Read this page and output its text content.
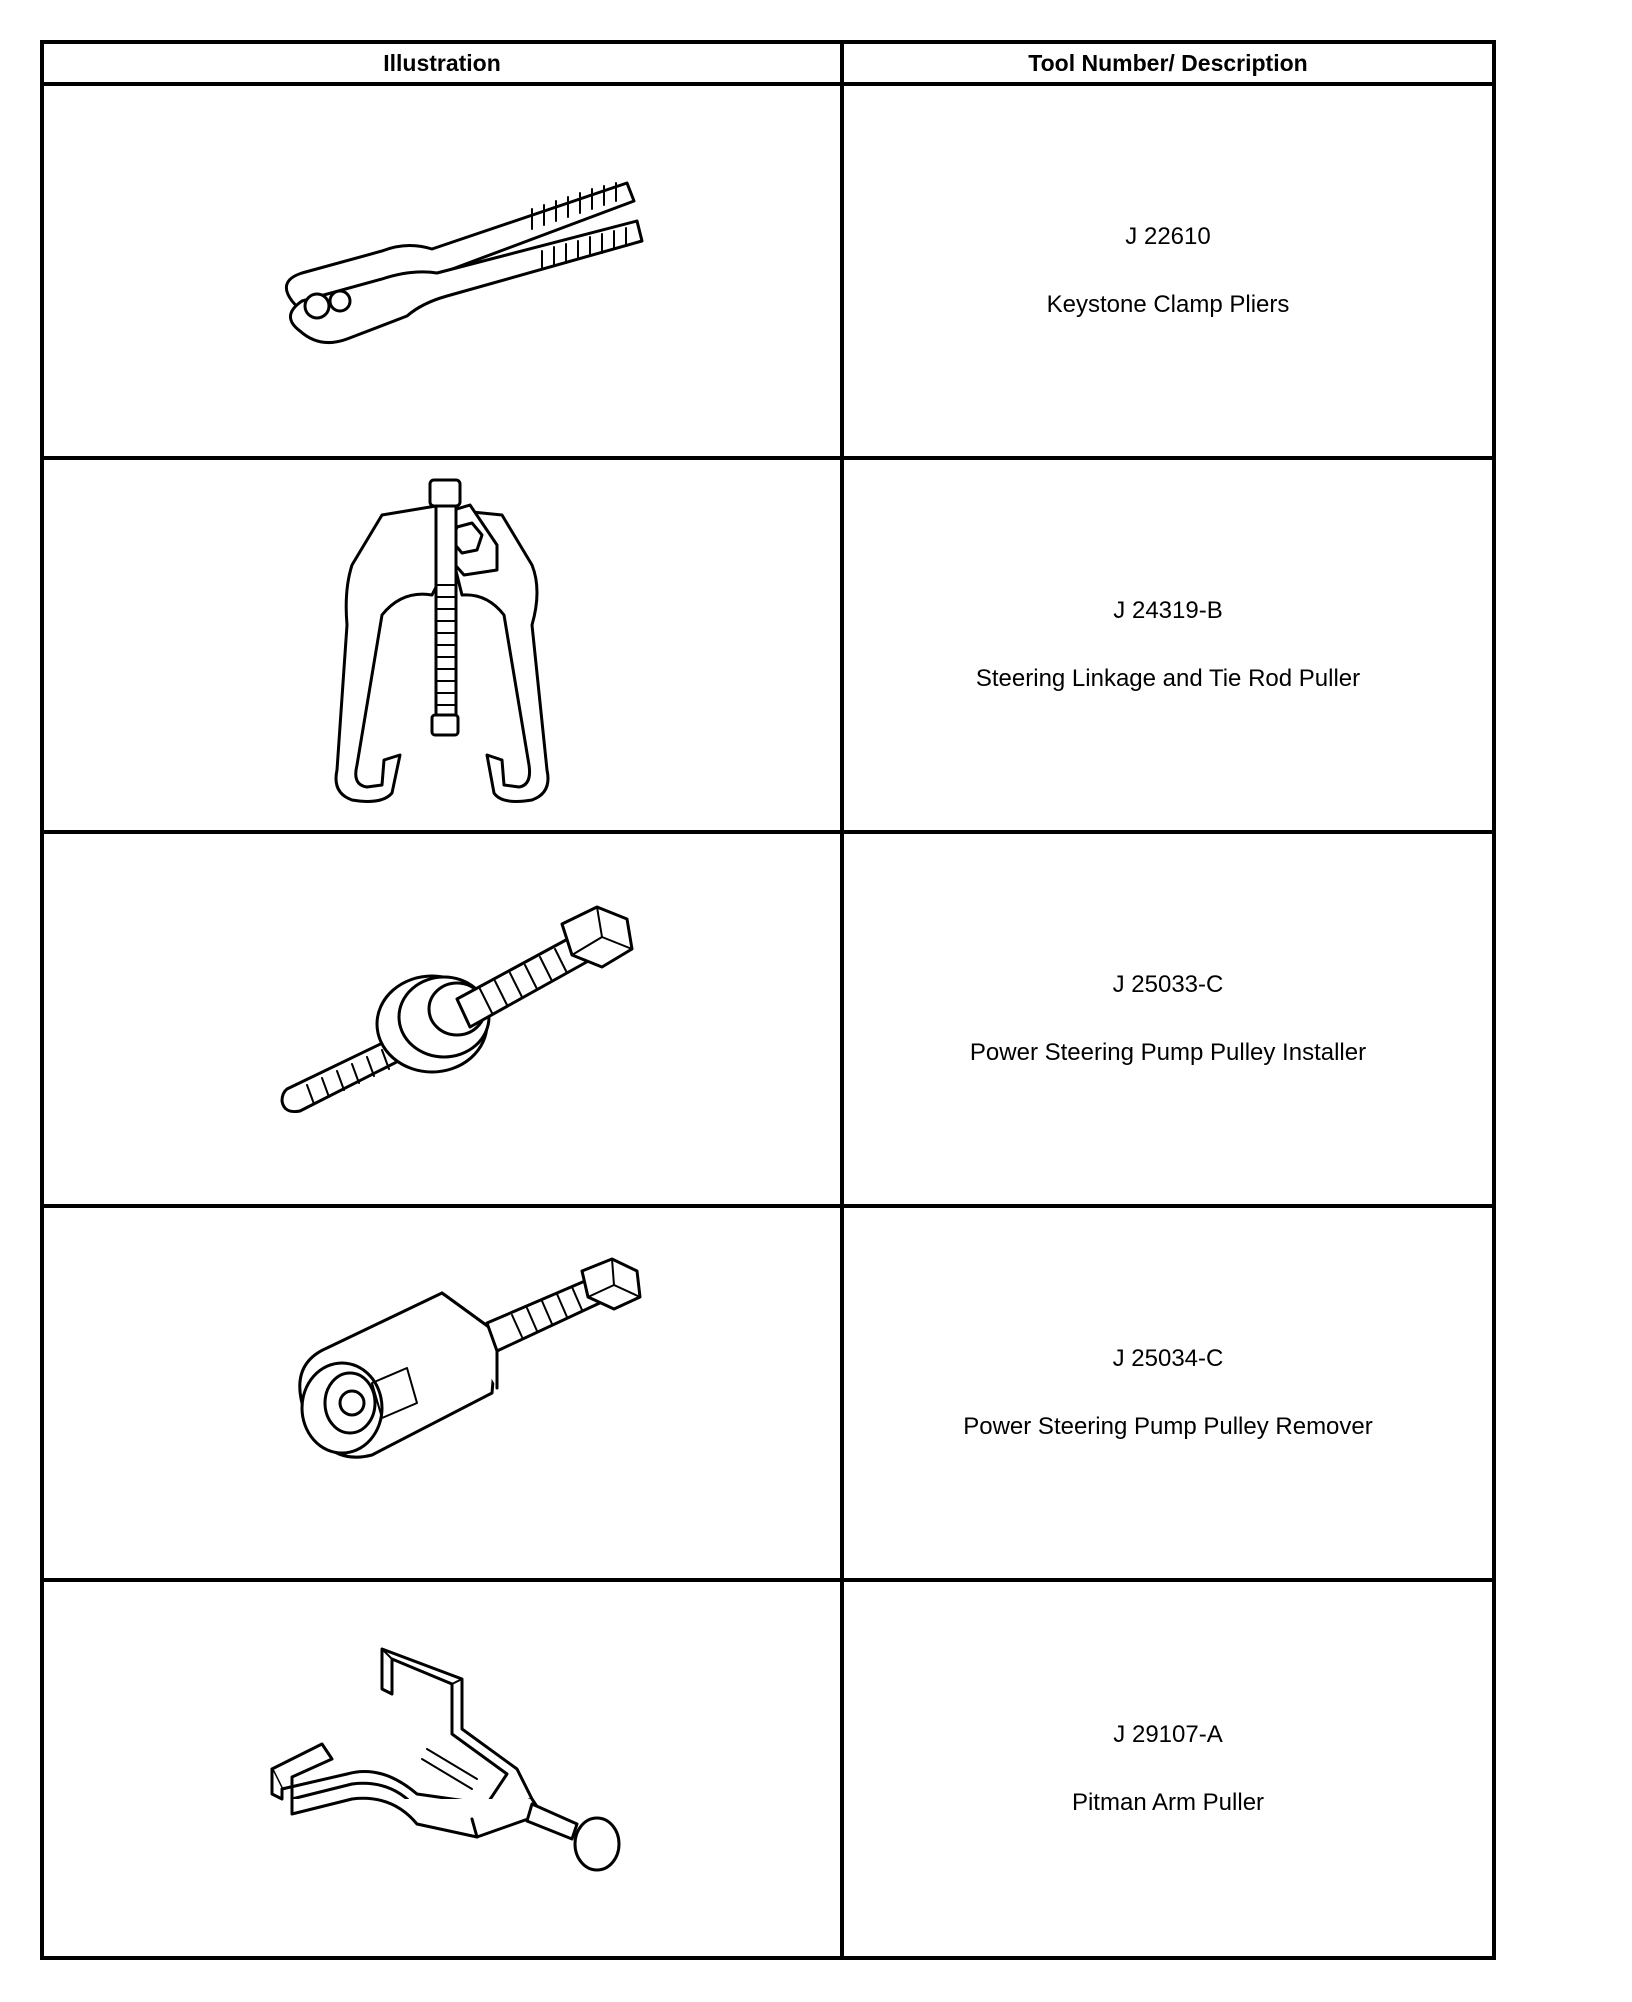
Illustration	Tool Number/ Description
J 22610
Keystone Clamp Pliers
J 24319-B
Steering Linkage and Tie Rod Puller
J 25033-C
Power Steering Pump Pulley Installer
J 25034-C
Power Steering Pump Pulley Remover
J 29107-A
Pitman Arm Puller
